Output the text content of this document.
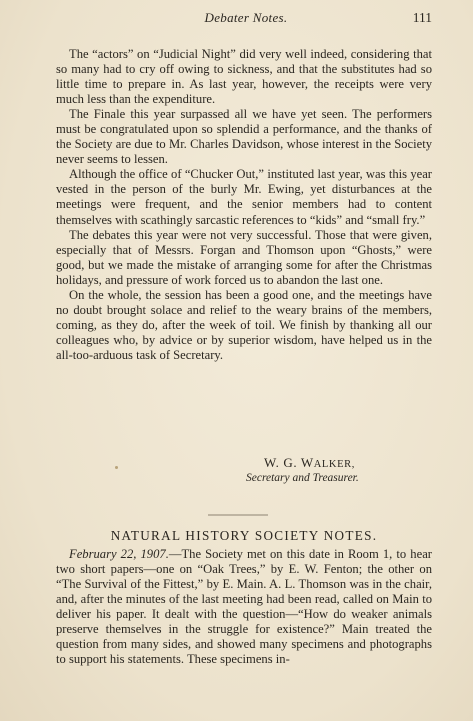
Debater Notes.	111

The “actors” on “Judicial Night” did very well indeed, considering that so many had to cry off owing to sickness, and that the substitutes had so little time to prepare in. As last year, however, the receipts were very much less than the expenditure.

The Finale this year surpassed all we have yet seen. The performers must be congratulated upon so splendid a performance, and the thanks of the Society are due to Mr. Charles Davidson, whose interest in the Society never seems to lessen.

Although the office of “Chucker Out,” instituted last year, was this year vested in the person of the burly Mr. Ewing, yet disturbances at the meetings were frequent, and the senior members had to content themselves with scathingly sarcastic references to “kids” and “small fry.”

The debates this year were not very successful. Those that were given, especially that of Messrs. Forgan and Thomson upon “Ghosts,” were good, but we made the mistake of arranging some for after the Christmas holidays, and pressure of work forced us to abandon the last one.

On the whole, the session has been a good one, and the meetings have no doubt brought solace and relief to the weary brains of the members, coming, as they do, after the week of toil. We finish by thanking all our colleagues who, by advice or by superior wisdom, have helped us in the all-too-arduous task of Secretary.

W. G. WALKER,
Secretary and Treasurer.
NATURAL HISTORY SOCIETY NOTES.

February 22, 1907.—The Society met on this date in Room 1, to hear two short papers—one on “Oak Trees,” by E. W. Fenton; the other on “The Survival of the Fittest,” by E. Main. A. L. Thomson was in the chair, and, after the minutes of the last meeting had been read, called on Main to deliver his paper. It dealt with the question—“How do weaker animals preserve themselves in the struggle for existence?” Main treated the question from many sides, and showed many specimens and photographs to support his statements. These specimens in-
